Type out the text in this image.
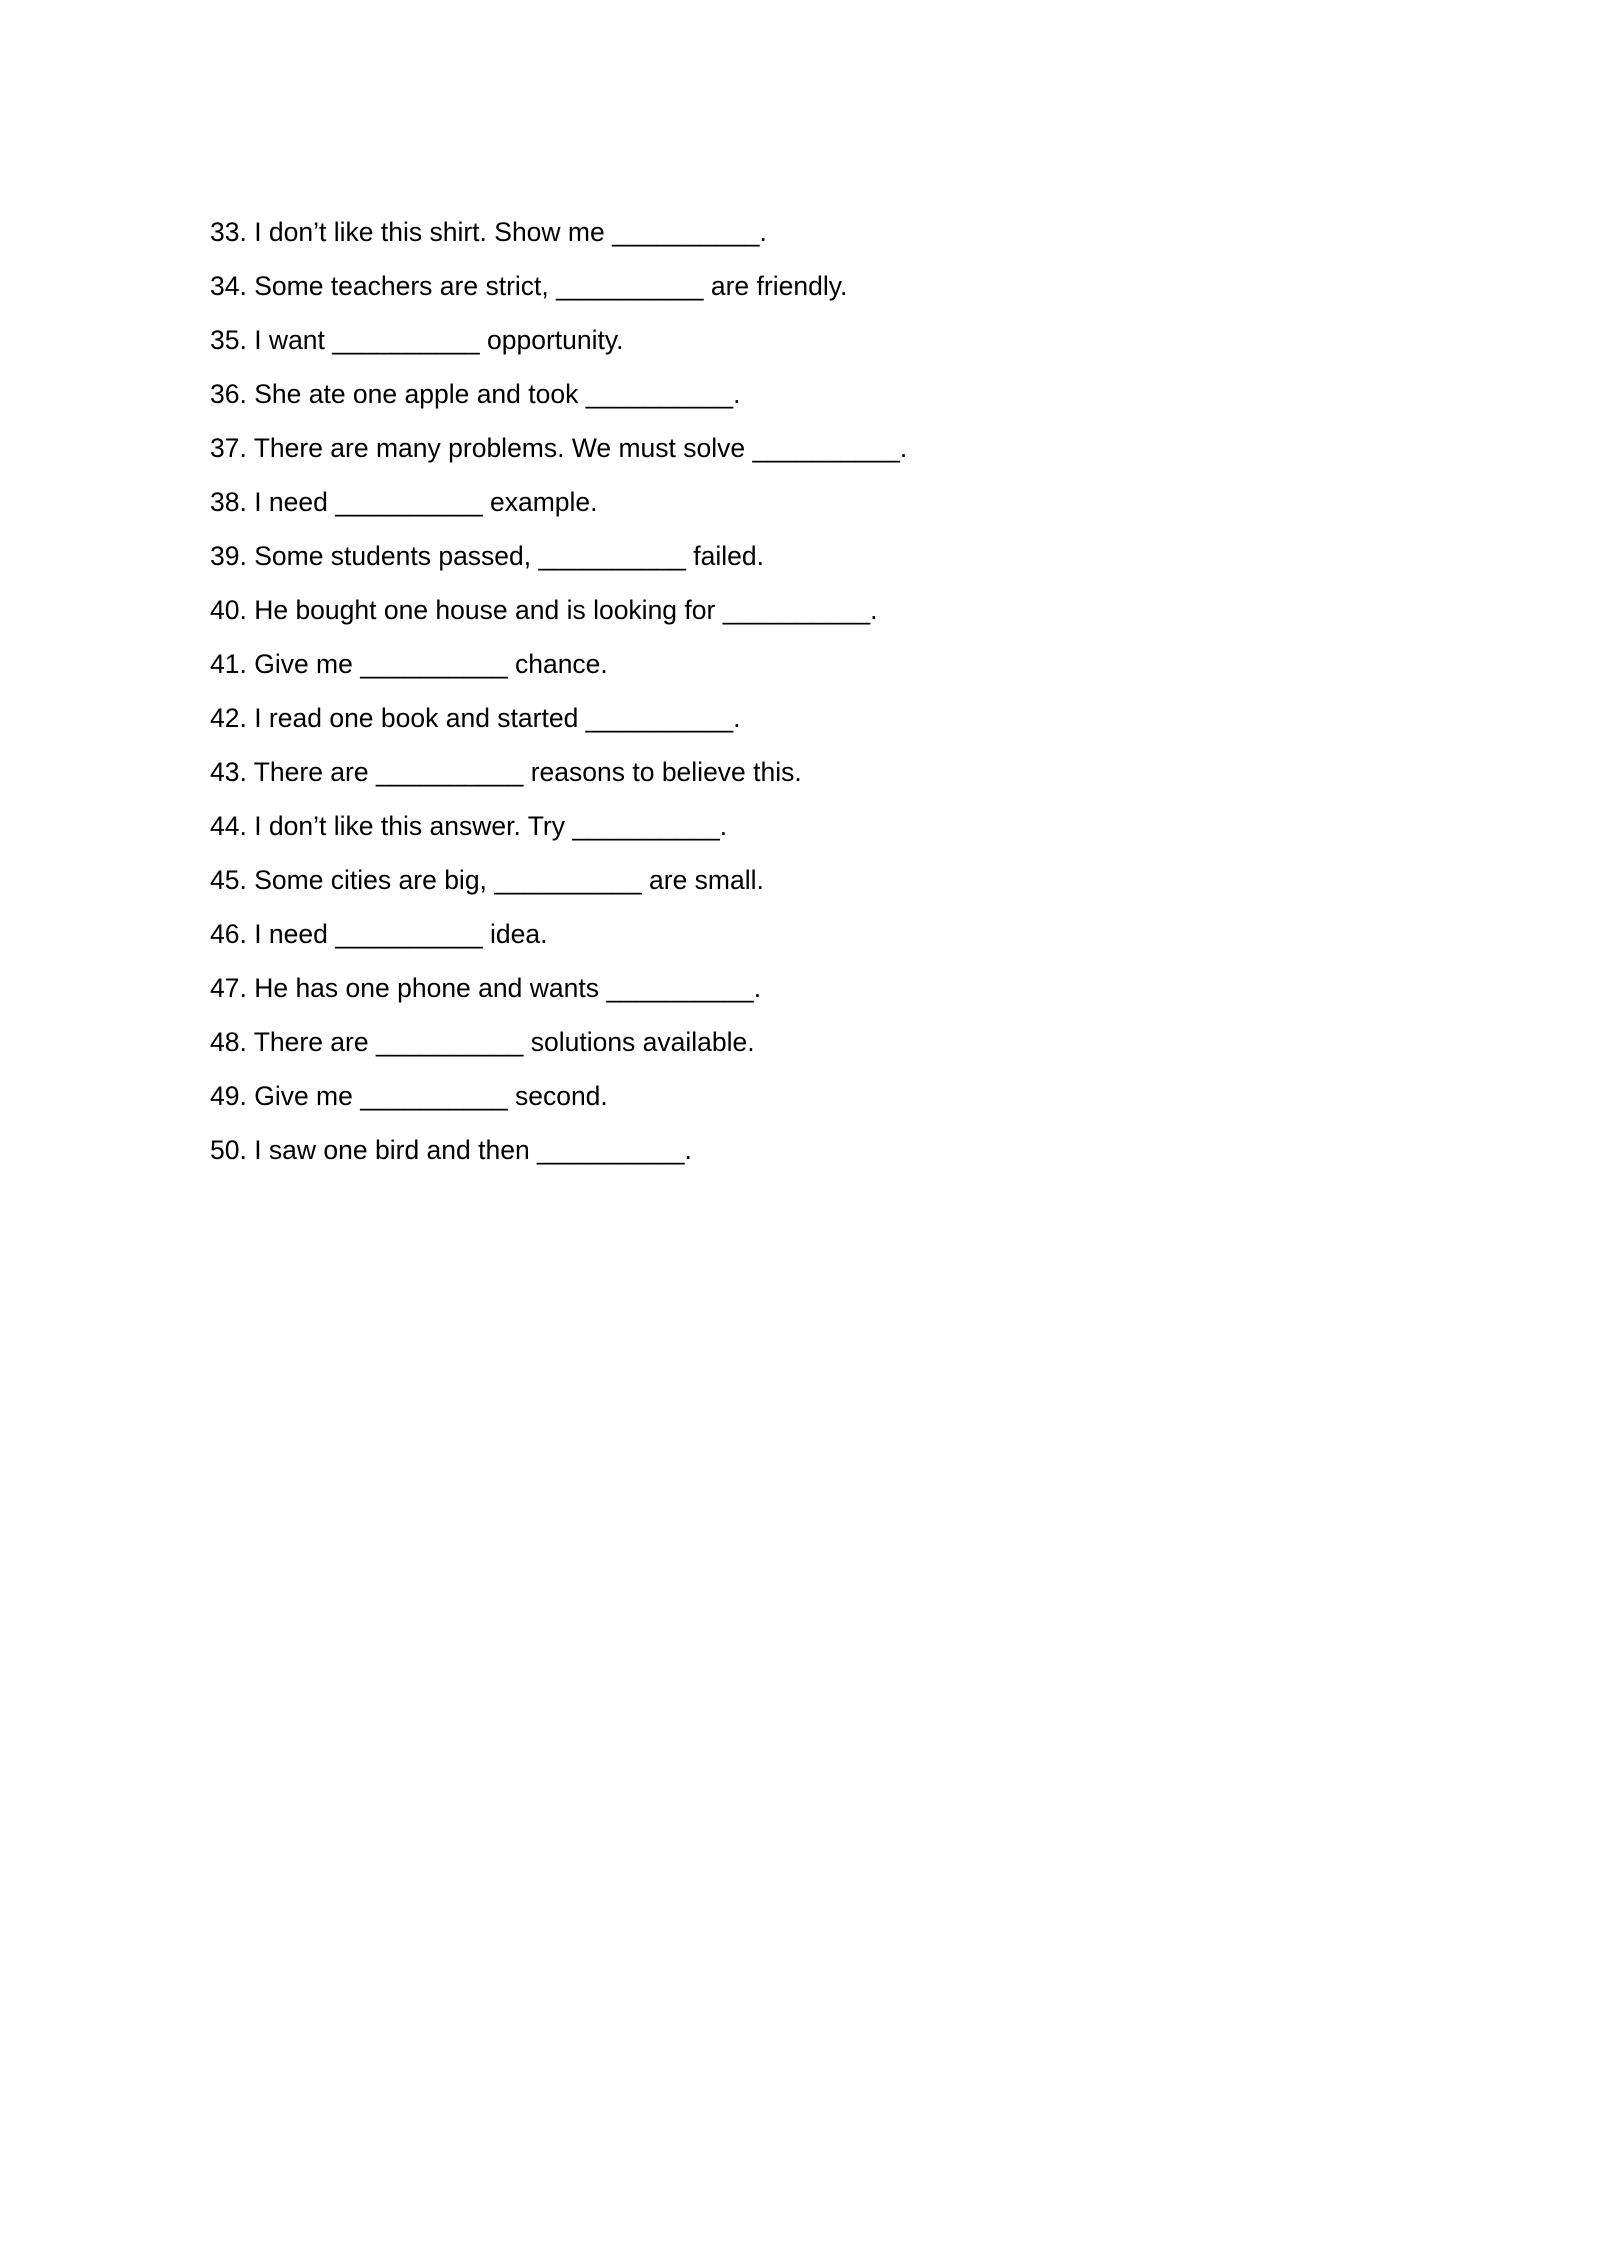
33. I don’t like this shirt. Show me __________.
34. Some teachers are strict, __________ are friendly.
35. I want __________ opportunity.
36. She ate one apple and took __________.
37. There are many problems. We must solve __________.
38. I need __________ example.
39. Some students passed, __________ failed.
40. He bought one house and is looking for __________.
41. Give me __________ chance.
42. I read one book and started __________.
43. There are __________ reasons to believe this.
44. I don’t like this answer. Try __________.
45. Some cities are big, __________ are small.
46. I need __________ idea.
47. He has one phone and wants __________.
48. There are __________ solutions available.
49. Give me __________ second.
50. I saw one bird and then __________.
